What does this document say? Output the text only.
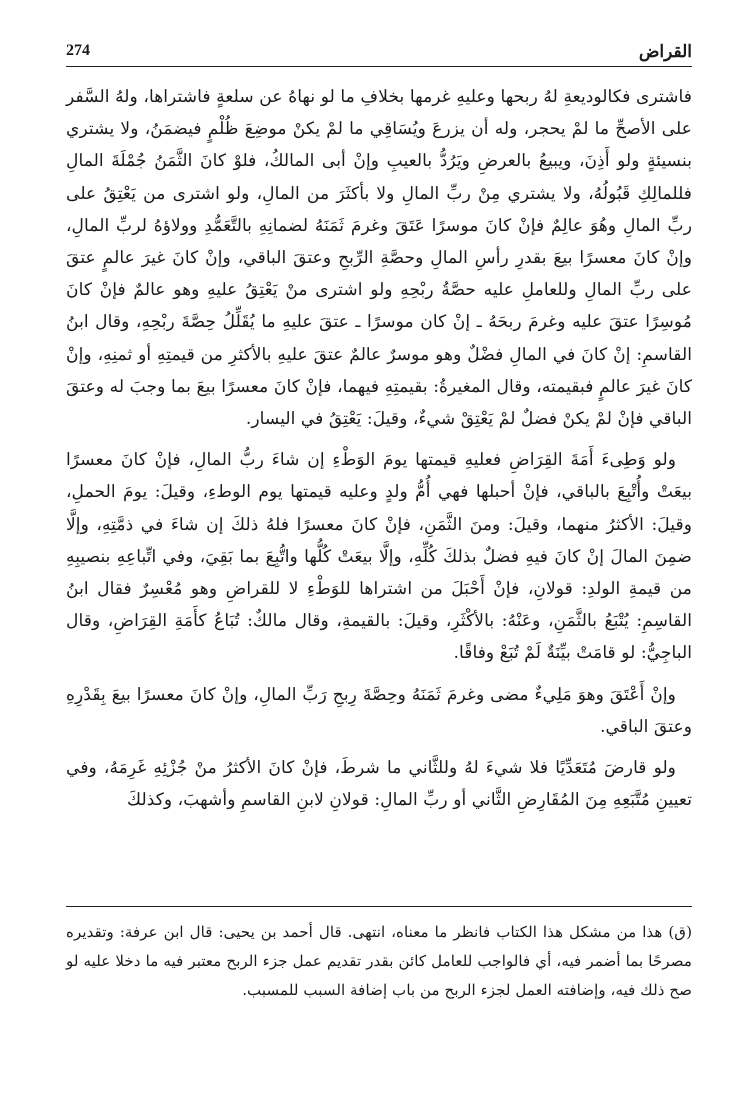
القراض
274

فاشترى فكالوديعةِ لهُ ربحها وعليهِ غرمها بخلافِ ما لو نهاهُ عن سلعةٍ فاشتراها، ولهُ السَّفر على الأصحِّ ما لمْ يحجر، وله أن يزرعَ ويُسَاقِي ما لمْ يكنْ موضِعَ ظُلْمٍ فيضمَنُ، ولا يشتري بنسيئةٍ ولو أَذِنَ، ويبيعُ بالعرضِ ويَرُدُّ بالعيبِ وإنْ أبى المالكُ، فلوْ كانَ الثَّمَنُ جُمْلَةَ المالِ فللمالِكِ قَبُولُهُ، ولا يشتري مِنْ ربِّ المالِ ولا بأكثَرَ من المالِ، ولو اشترى من يَعْتِقُ على ربِّ المالِ وهُوَ عالِمٌ فإنْ كانَ موسرًا عَتَقَ وغرمَ ثَمَنَهُ لضمانِهِ بالتَّعَمُّدِ وولاؤهُ لربِّ المالِ، وإنْ كانَ معسرًا بيعَ بقدرِ رأسِ المالِ وحصَّةِ الرِّبحِ وعتقَ الباقي، وإنْ كانَ غيرَ عالمٍ عتقَ على ربِّ المالِ وللعاملِ عليه حصَّةُ ربْحِهِ ولو اشترى منْ يَعْتِقُ عليهِ وهو عالمٌ فإنْ كانَ مُوسِرًا عتقَ عليه وغرمَ ربحَهُ ـ إنْ كان موسرًا ـ عتقَ عليهِ ما يُقَلِّلُ حِصَّةَ ربْحِهِ، وقال ابنُ القاسمِ: إنْ كانَ في المالِ فضْلٌ وهو موسرٌ عالمٌ عتقَ عليهِ بالأكثرِ من قيمتِهِ أو ثمنِهِ، وإنْ كانَ غيرَ عالمٍ فبقيمته، وقال المغيرةُ: بقيمتِهِ فيهما، فإنْ كانَ معسرًا بيعَ بما وجبَ له وعتقَ الباقي فإنْ لمْ يكنْ فضلٌ لمْ يَعْتِقْ شيءٌ، وقيلَ: يَعْتِقُ في اليسار.

ولو وَطِىءَ أَمَةَ القِرَاضِ فعليهِ قيمتها يومَ الوَطْءِ إن شاءَ ربُّ المالِ، فإنْ كانَ معسرًا بيعَتْ وأُتْبِعَ بالباقي، فإنْ أحبلها فهي أُمُّ ولدٍ وعليه قيمتها يوم الوطءِ، وقيلَ: يومَ الحملِ، وقيلَ: الأكثرُ منهما، وقيلَ: ومنَ الثَّمَنِ، فإنْ كانَ معسرًا فلهُ ذلكَ إن شاءَ في ذمَّتِهِ، وإلَّا ضمِنَ المالَ إنْ كانَ فيهِ فضلٌ بذلكَ كُلِّهِ، وإلَّا بيعَتْ كُلُّها واتُّبِعَ بما بَقِيَ، وفي اتِّباعِهِ بنصيبِهِ من قيمةِ الولدِ: قولانِ، فإنْ أَحْبَلَ من اشتراها للوَطْءِ لا للقراضِ وهو مُعْسِرٌ فقال ابنُ القاسِمِ: يُتْبَعُ بالثَّمَنِ، وعَنْهُ: بالأكْثَرِ، وقيلَ: بالقيمةِ، وقال مالكٌ: تُبَاعُ كأَمَةِ القِرَاضِ، وقال الباجِيُّ: لو قامَتْ بيِّنَةٌ لَمْ تُبَعْ وفاقًا.

وإنْ أَعْتَقَ وهوَ مَلِيءٌ مضى وغرمَ ثَمَنَهُ وحِصَّةَ رِبحِ رَبِّ المالِ، وإنْ كانَ معسرًا بيعَ بِقَدْرِهِ وعتقَ الباقي.

ولو قارضَ مُتَعَدِّيًا فلا شيءَ لهُ وللثَّاني ما شرطَ، فإنْ كانَ الأكثرُ منْ جُزْئِهِ غَرِمَهُ، وفي تعيينِ مُتَّبَعِهِ مِنَ المُقَارِضِ الثَّاني أو ربِّ المالِ: قولانِ لابنِ القاسمِ وأشهبَ، وكذلكَ

(ق) هذا من مشكل هذا الكتاب فانظر ما معناه، انتهى. قال أحمد بن يحيى: قال ابن عرفة: وتقديره مصرحًا بما أضمر فيه، أي فالواجب للعامل كائن بقدر تقديم عمل جزء الربح معتبر فيه ما دخلا عليه لو صح ذلك فيه، وإضافته العمل لجزء الربح من باب إضافة السبب للمسبب.
